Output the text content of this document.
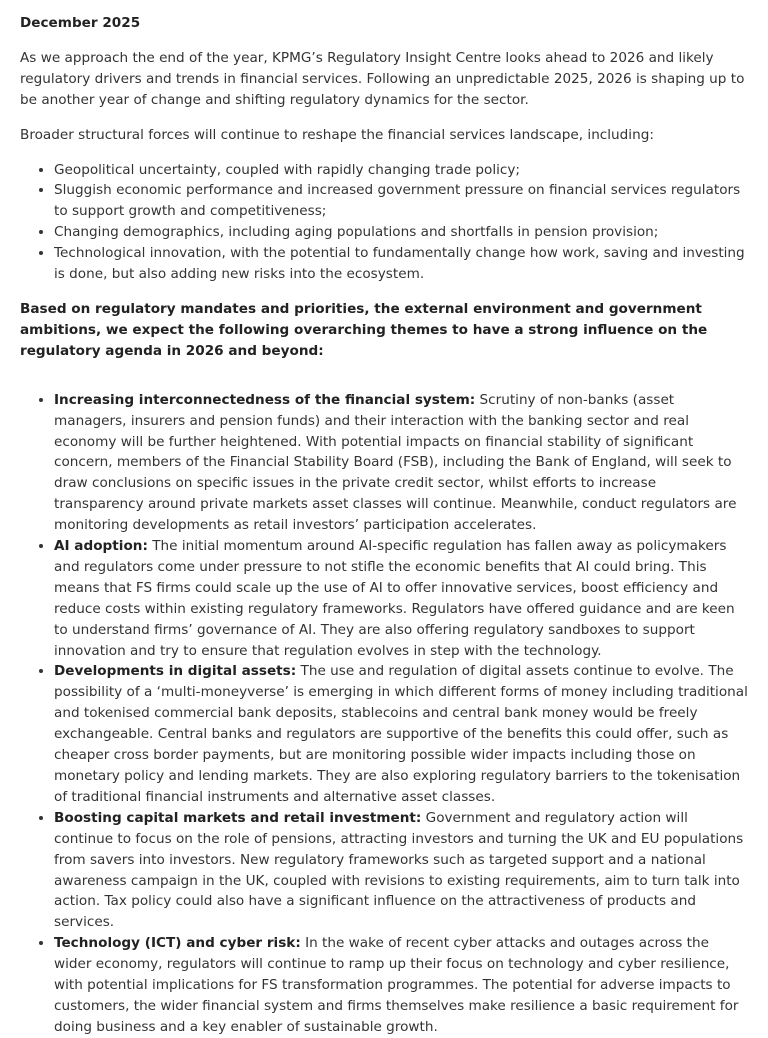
December 2025

As we approach the end of the year, KPMG’s Regulatory Insight Centre looks ahead to 2026 and likely regulatory drivers and trends in financial services. Following an unpredictable 2025, 2026 is shaping up to be another year of change and shifting regulatory dynamics for the sector.

Broader structural forces will continue to reshape the financial services landscape, including:

• Geopolitical uncertainty, coupled with rapidly changing trade policy;
• Sluggish economic performance and increased government pressure on financial services regulators to support growth and competitiveness;
• Changing demographics, including aging populations and shortfalls in pension provision;
• Technological innovation, with the potential to fundamentally change how work, saving and investing is done, but also adding new risks into the ecosystem.

Based on regulatory mandates and priorities, the external environment and government ambitions, we expect the following overarching themes to have a strong influence on the regulatory agenda in 2026 and beyond:

• Increasing interconnectedness of the financial system: Scrutiny of non-banks (asset managers, insurers and pension funds) and their interaction with the banking sector and real economy will be further heightened. With potential impacts on financial stability of significant concern, members of the Financial Stability Board (FSB), including the Bank of England, will seek to draw conclusions on specific issues in the private credit sector, whilst efforts to increase transparency around private markets asset classes will continue. Meanwhile, conduct regulators are monitoring developments as retail investors’ participation accelerates.
• AI adoption: The initial momentum around AI-specific regulation has fallen away as policymakers and regulators come under pressure to not stifle the economic benefits that AI could bring. This means that FS firms could scale up the use of AI to offer innovative services, boost efficiency and reduce costs within existing regulatory frameworks. Regulators have offered guidance and are keen to understand firms’ governance of AI. They are also offering regulatory sandboxes to support innovation and try to ensure that regulation evolves in step with the technology.
• Developments in digital assets: The use and regulation of digital assets continue to evolve. The possibility of a ‘multi-moneyverse’ is emerging in which different forms of money including traditional and tokenised commercial bank deposits, stablecoins and central bank money would be freely exchangeable. Central banks and regulators are supportive of the benefits this could offer, such as cheaper cross border payments, but are monitoring possible wider impacts including those on monetary policy and lending markets. They are also exploring regulatory barriers to the tokenisation of traditional financial instruments and alternative asset classes.
• Boosting capital markets and retail investment: Government and regulatory action will continue to focus on the role of pensions, attracting investors and turning the UK and EU populations from savers into investors. New regulatory frameworks such as targeted support and a national awareness campaign in the UK, coupled with revisions to existing requirements, aim to turn talk into action. Tax policy could also have a significant influence on the attractiveness of products and services.
• Technology (ICT) and cyber risk: In the wake of recent cyber attacks and outages across the wider economy, regulators will continue to ramp up their focus on technology and cyber resilience, with potential implications for FS transformation programmes. The potential for adverse impacts to customers, the wider financial system and firms themselves make resilience a basic requirement for doing business and a key enabler of sustainable growth.
